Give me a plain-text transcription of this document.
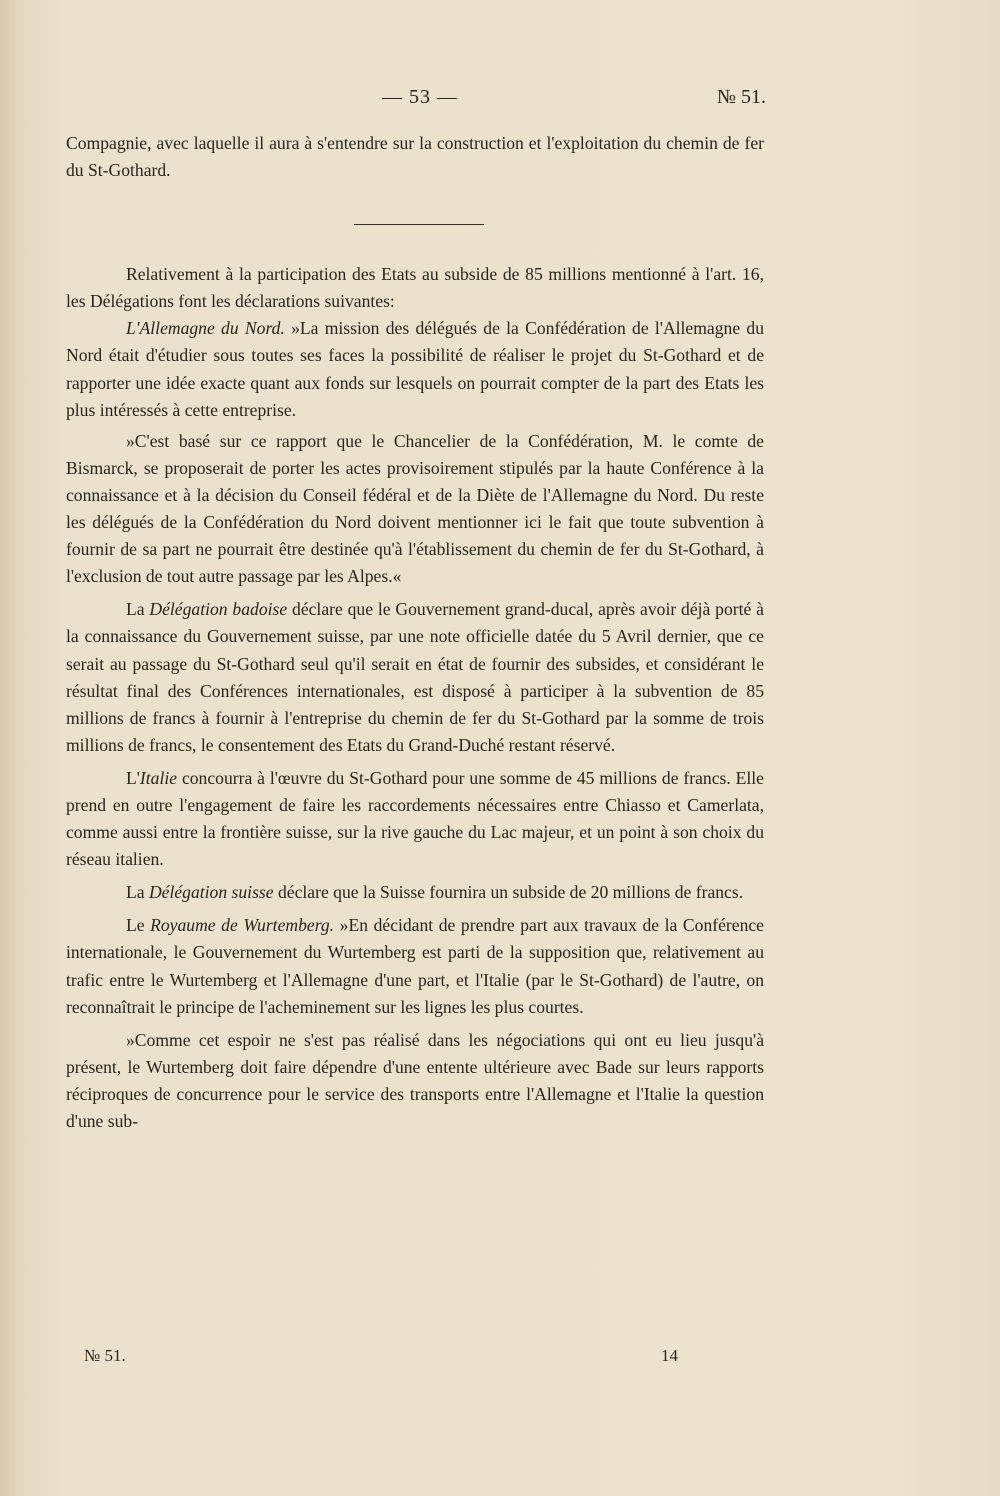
— 53 —	№ 51.

Compagnie, avec laquelle il aura à s'entendre sur la construction et l'exploitation du chemin de fer du St-Gothard.

Relativement à la participation des Etats au subside de 85 millions mentionné à l'art. 16, les Délégations font les déclarations suivantes:

L'Allemagne du Nord. »La mission des délégués de la Confédération de l'Allemagne du Nord était d'étudier sous toutes ses faces la possibilité de réaliser le projet du St-Gothard et de rapporter une idée exacte quant aux fonds sur lesquels on pourrait compter de la part des Etats les plus intéressés à cette entreprise.

»C'est basé sur ce rapport que le Chancelier de la Confédération, M. le comte de Bismarck, se proposerait de porter les actes provisoirement stipulés par la haute Conférence à la connaissance et à la décision du Conseil fédéral et de la Diète de l'Allemagne du Nord. Du reste les délégués de la Confédération du Nord doivent mentionner ici le fait que toute subvention à fournir de sa part ne pourrait être destinée qu'à l'établissement du chemin de fer du St-Gothard, à l'exclusion de tout autre passage par les Alpes.«

La Délégation badoise déclare que le Gouvernement grand-ducal, après avoir déjà porté à la connaissance du Gouvernement suisse, par une note officielle datée du 5 Avril dernier, que ce serait au passage du St-Gothard seul qu'il serait en état de fournir des subsides, et considérant le résultat final des Conférences internationales, est disposé à participer à la subvention de 85 millions de francs à fournir à l'entreprise du chemin de fer du St-Gothard par la somme de trois millions de francs, le consentement des Etats du Grand-Duché restant réservé.

L'Italie concourra à l'œuvre du St-Gothard pour une somme de 45 millions de francs. Elle prend en outre l'engagement de faire les raccordements nécessaires entre Chiasso et Camerlata, comme aussi entre la frontière suisse, sur la rive gauche du Lac majeur, et un point à son choix du réseau italien.

La Délégation suisse déclare que la Suisse fournira un subside de 20 millions de francs.

Le Royaume de Wurtemberg. »En décidant de prendre part aux travaux de la Conférence internationale, le Gouvernement du Wurtemberg est parti de la supposition que, relativement au trafic entre le Wurtemberg et l'Allemagne d'une part, et l'Italie (par le St-Gothard) de l'autre, on reconnaîtrait le principe de l'acheminement sur les lignes les plus courtes.

»Comme cet espoir ne s'est pas réalisé dans les négociations qui ont eu lieu jusqu'à présent, le Wurtemberg doit faire dépendre d'une entente ultérieure avec Bade sur leurs rapports réciproques de concurrence pour le service des transports entre l'Allemagne et l'Italie la question d'une sub-

№ 51.	14
